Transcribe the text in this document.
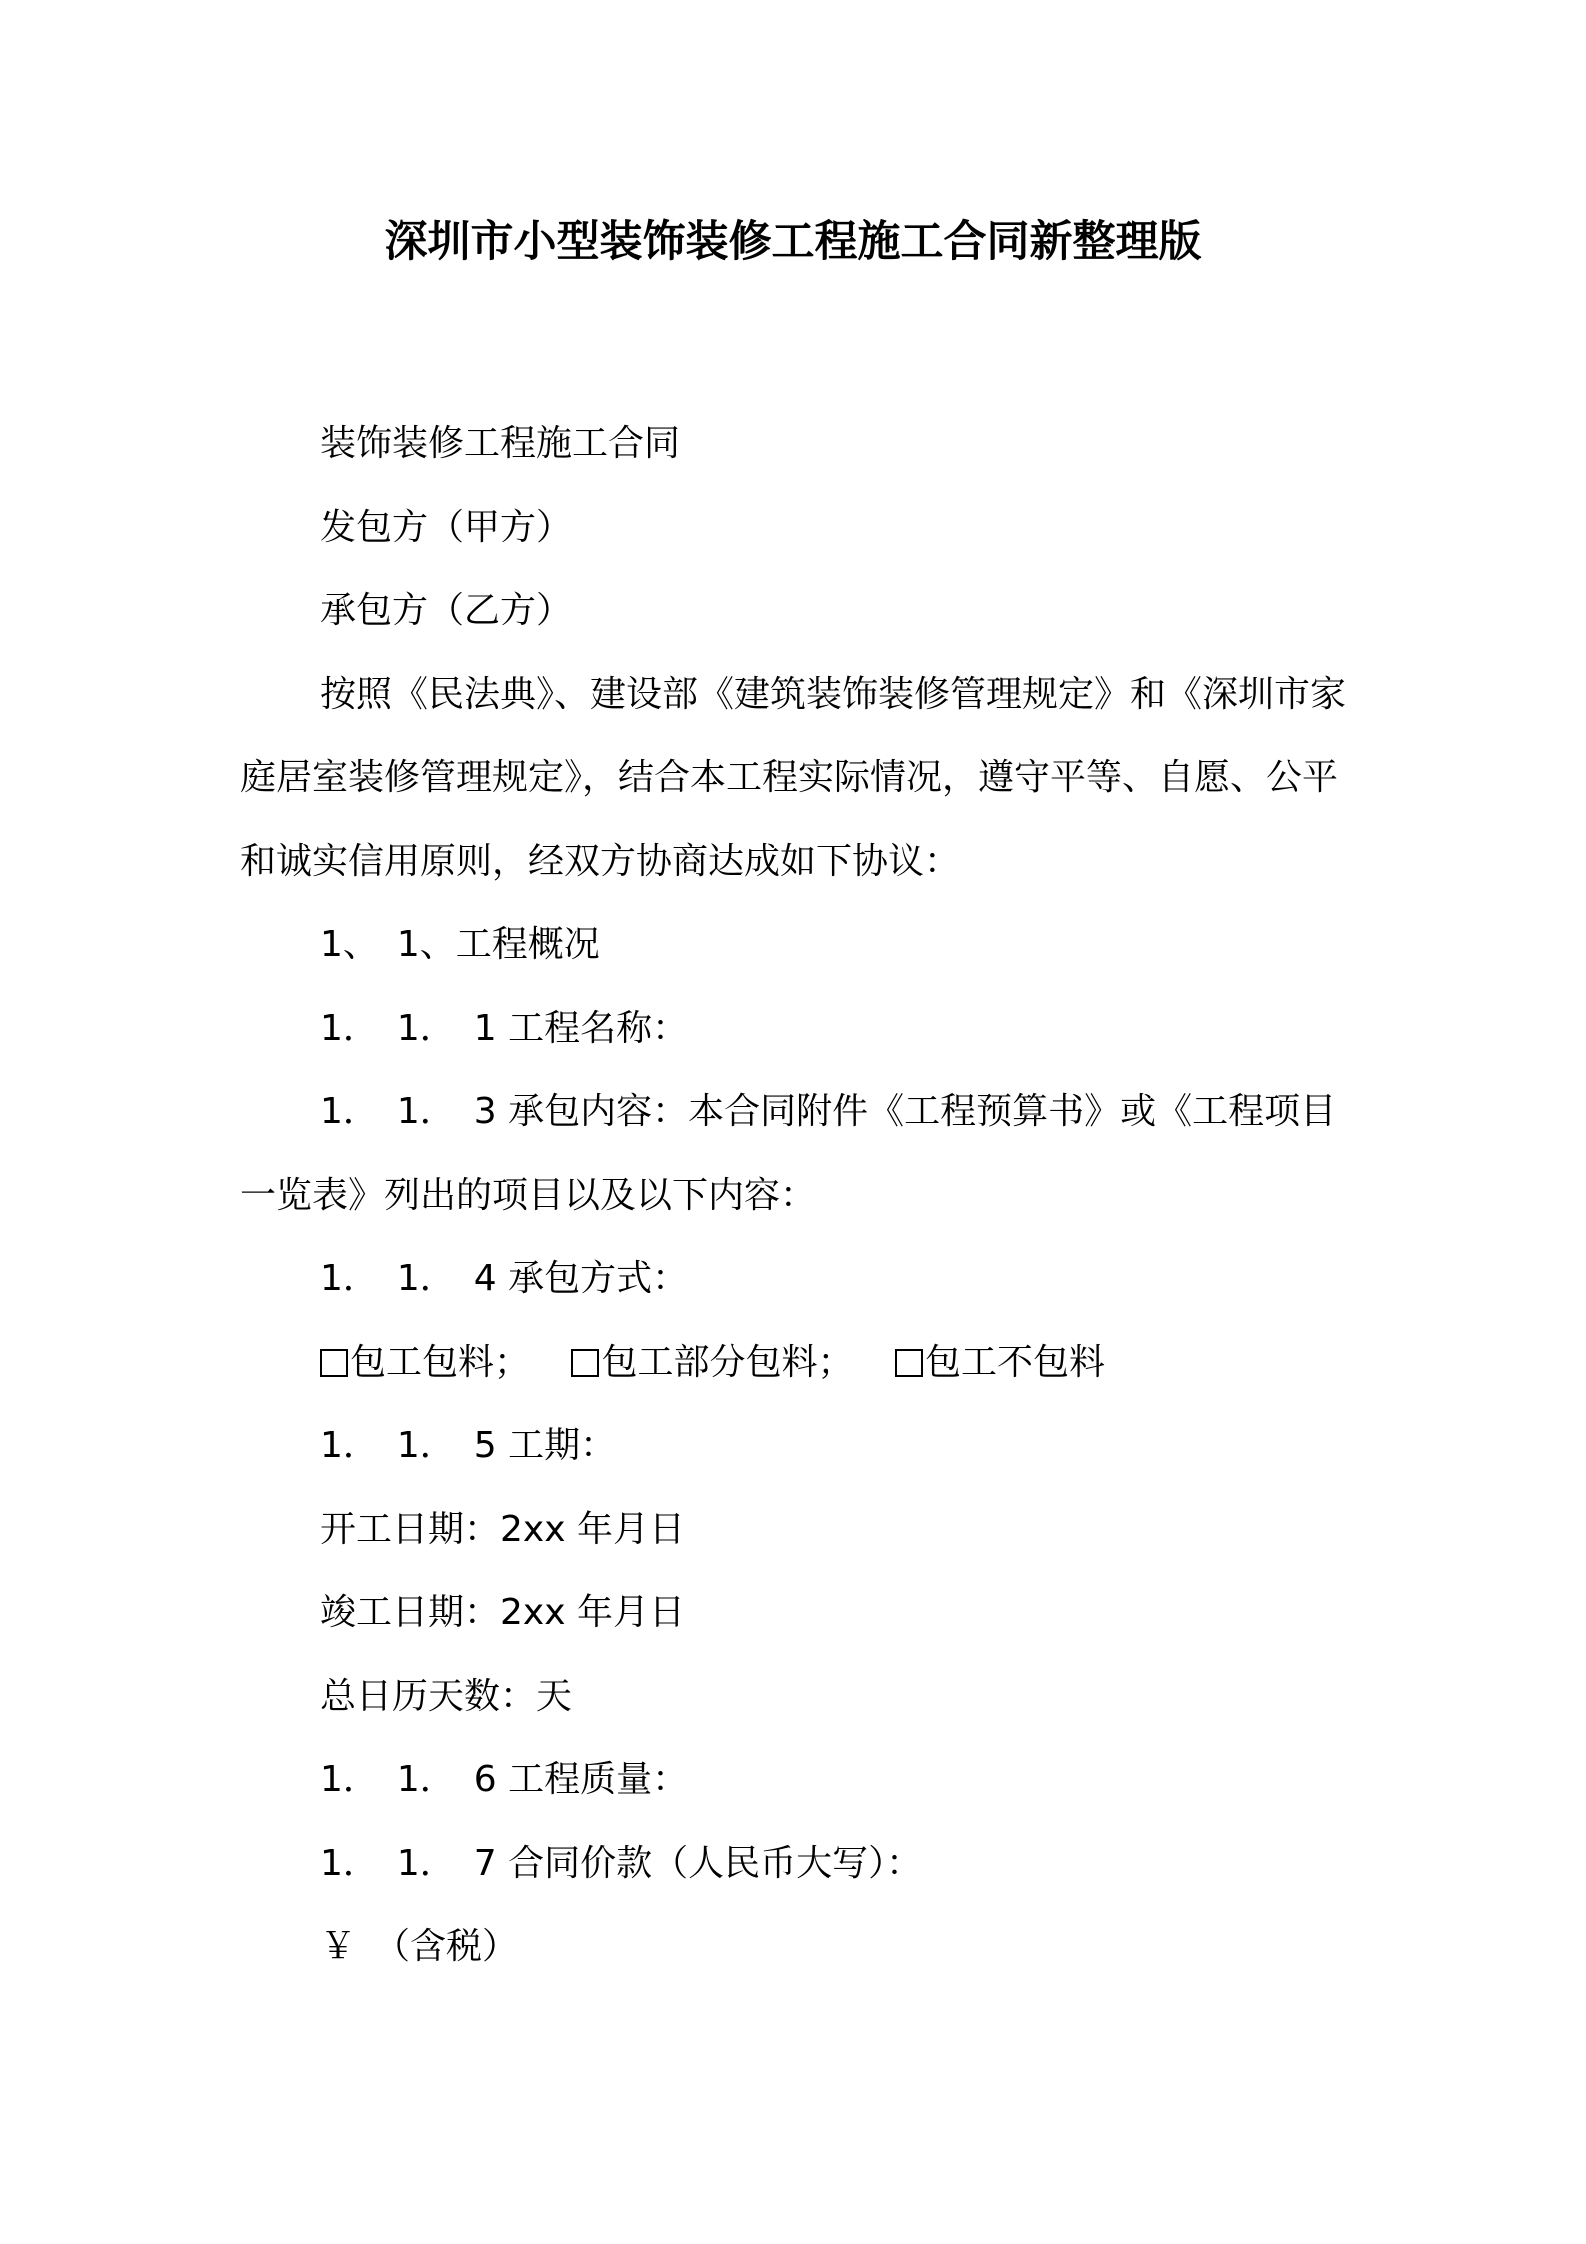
深圳市小型装饰装修工程施工合同新整理版

装饰装修工程施工合同

发包方（甲方）

承包方（乙方）

按照《民法典》、建设部《建筑装饰装修管理规定》和《深圳市家庭居室装修管理规定》，结合本工程实际情况，遵守平等、自愿、公平和诚实信用原则，经双方协商达成如下协议：

1、　1、工程概况

1．　1．　1 工程名称：

1．　1．　3 承包内容：本合同附件《工程预算书》或《工程项目一览表》列出的项目以及以下内容：

1．　1．　4 承包方式：

包工包料； 包工部分包料； 包工不包料

1．　1．　5 工期：

开工日期：2xx 年月日

竣工日期：2xx 年月日

总日历天数：天

1．　1．　6 工程质量：

1．　1．　7 合同价款（人民币大写）：

￥　（含税）
